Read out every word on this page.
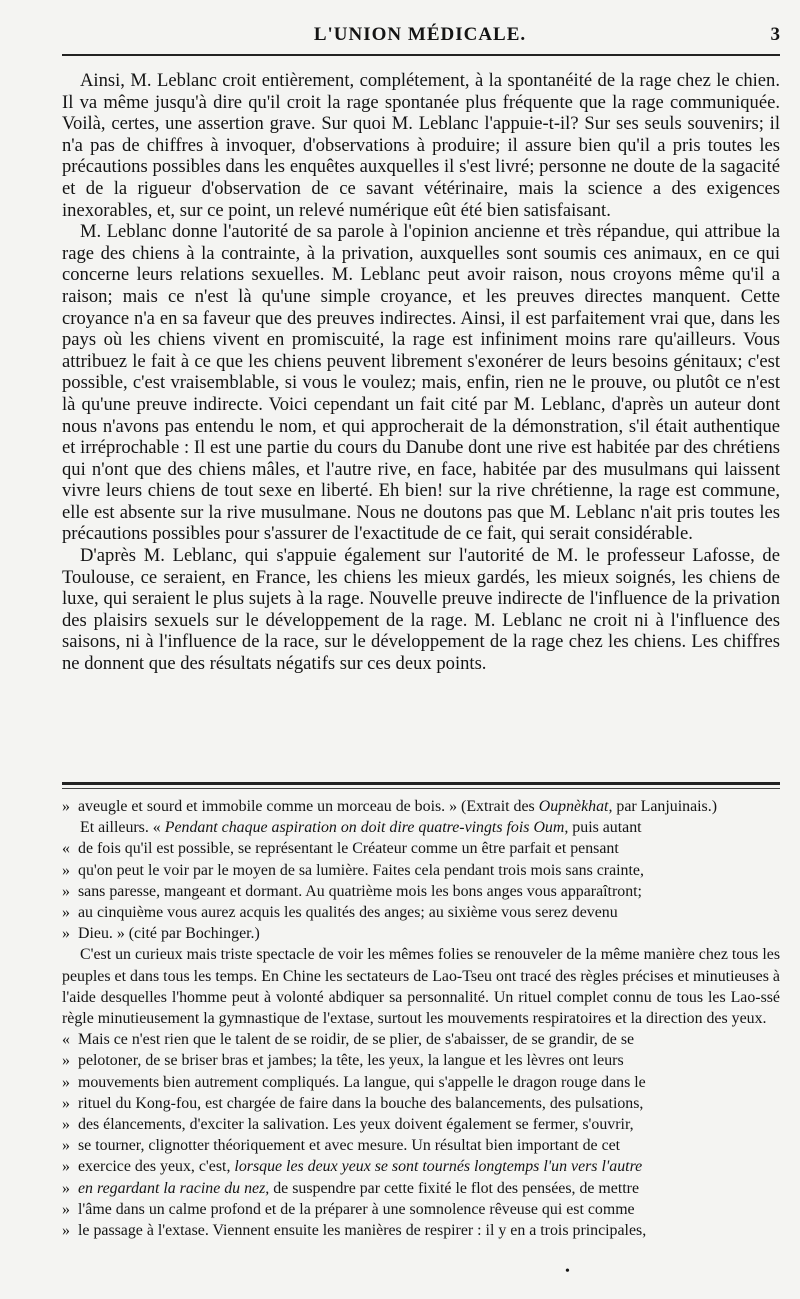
L'UNION MÉDICALE.	3

Ainsi, M. Leblanc croit entièrement, complétement, à la spontanéité de la rage chez le chien. Il va même jusqu'à dire qu'il croit la rage spontanée plus fréquente que la rage communiquée. Voilà, certes, une assertion grave. Sur quoi M. Leblanc l'appuie-t-il? Sur ses seuls souvenirs; il n'a pas de chiffres à invoquer, d'observations à produire; il assure bien qu'il a pris toutes les précautions possibles dans les enquêtes auxquelles il s'est livré; personne ne doute de la sagacité et de la rigueur d'observation de ce savant vétérinaire, mais la science a des exigences inexorables, et, sur ce point, un relevé numérique eût été bien satisfaisant.

M. Leblanc donne l'autorité de sa parole à l'opinion ancienne et très répandue, qui attribue la rage des chiens à la contrainte, à la privation, auxquelles sont soumis ces animaux, en ce qui concerne leurs relations sexuelles. M. Leblanc peut avoir raison, nous croyons même qu'il a raison; mais ce n'est là qu'une simple croyance, et les preuves directes manquent. Cette croyance n'a en sa faveur que des preuves indirectes. Ainsi, il est parfaitement vrai que, dans les pays où les chiens vivent en promiscuité, la rage est infiniment moins rare qu'ailleurs. Vous attribuez le fait à ce que les chiens peuvent librement s'exonérer de leurs besoins génitaux; c'est possible, c'est vraisemblable, si vous le voulez; mais, enfin, rien ne le prouve, ou plutôt ce n'est là qu'une preuve indirecte. Voici cependant un fait cité par M. Leblanc, d'après un auteur dont nous n'avons pas entendu le nom, et qui approcherait de la démonstration, s'il était authentique et irréprochable : Il est une partie du cours du Danube dont une rive est habitée par des chrétiens qui n'ont que des chiens mâles, et l'autre rive, en face, habitée par des musulmans qui laissent vivre leurs chiens de tout sexe en liberté. Eh bien! sur la rive chrétienne, la rage est commune, elle est absente sur la rive musulmane. Nous ne doutons pas que M. Leblanc n'ait pris toutes les précautions possibles pour s'assurer de l'exactitude de ce fait, qui serait considérable.

D'après M. Leblanc, qui s'appuie également sur l'autorité de M. le professeur Lafosse, de Toulouse, ce seraient, en France, les chiens les mieux gardés, les mieux soignés, les chiens de luxe, qui seraient le plus sujets à la rage. Nouvelle preuve indirecte de l'influence de la privation des plaisirs sexuels sur le développement de la rage. M. Leblanc ne croit ni à l'influence des saisons, ni à l'influence de la race, sur le développement de la rage chez les chiens. Les chiffres ne donnent que des résultats négatifs sur ces deux points.

» aveugle et sourd et immobile comme un morceau de bois. » (Extrait des Oupnèkhat, par Lanjuinais.)

Et ailleurs. « Pendant chaque aspiration on doit dire quatre-vingts fois Oum, puis autant

« de fois qu'il est possible, se représentant le Créateur comme un être parfait et pensant

» qu'on peut le voir par le moyen de sa lumière. Faites cela pendant trois mois sans crainte,

» sans paresse, mangeant et dormant. Au quatrième mois les bons anges vous apparaîtront;

» au cinquième vous aurez acquis les qualités des anges; au sixième vous serez devenu

» Dieu. » (cité par Bochinger.)

C'est un curieux mais triste spectacle de voir les mêmes folies se renouveler de la même manière chez tous les peuples et dans tous les temps. En Chine les sectateurs de Lao-Tseu ont tracé des règles précises et minutieuses à l'aide desquelles l'homme peut à volonté abdiquer sa personnalité. Un rituel complet connu de tous les Lao-ssé règle minutieusement la gymnastique de l'extase, surtout les mouvements respiratoires et la direction des yeux.

« Mais ce n'est rien que le talent de se roidir, de se plier, de s'abaisser, de se grandir, de se

» pelotoner, de se briser bras et jambes; la tête, les yeux, la langue et les lèvres ont leurs

» mouvements bien autrement compliqués. La langue, qui s'appelle le dragon rouge dans le

» rituel du Kong-fou, est chargée de faire dans la bouche des balancements, des pulsations,

» des élancements, d'exciter la salivation. Les yeux doivent également se fermer, s'ouvrir,

» se tourner, clignotter théoriquement et avec mesure. Un résultat bien important de cet

» exercice des yeux, c'est, lorsque les deux yeux se sont tournés longtemps l'un vers l'autre

» en regardant la racine du nez, de suspendre par cette fixité le flot des pensées, de mettre

» l'âme dans un calme profond et de la préparer à une somnolence rêveuse qui est comme

» le passage à l'extase. Viennent ensuite les manières de respirer : il y en a trois principales,

•
